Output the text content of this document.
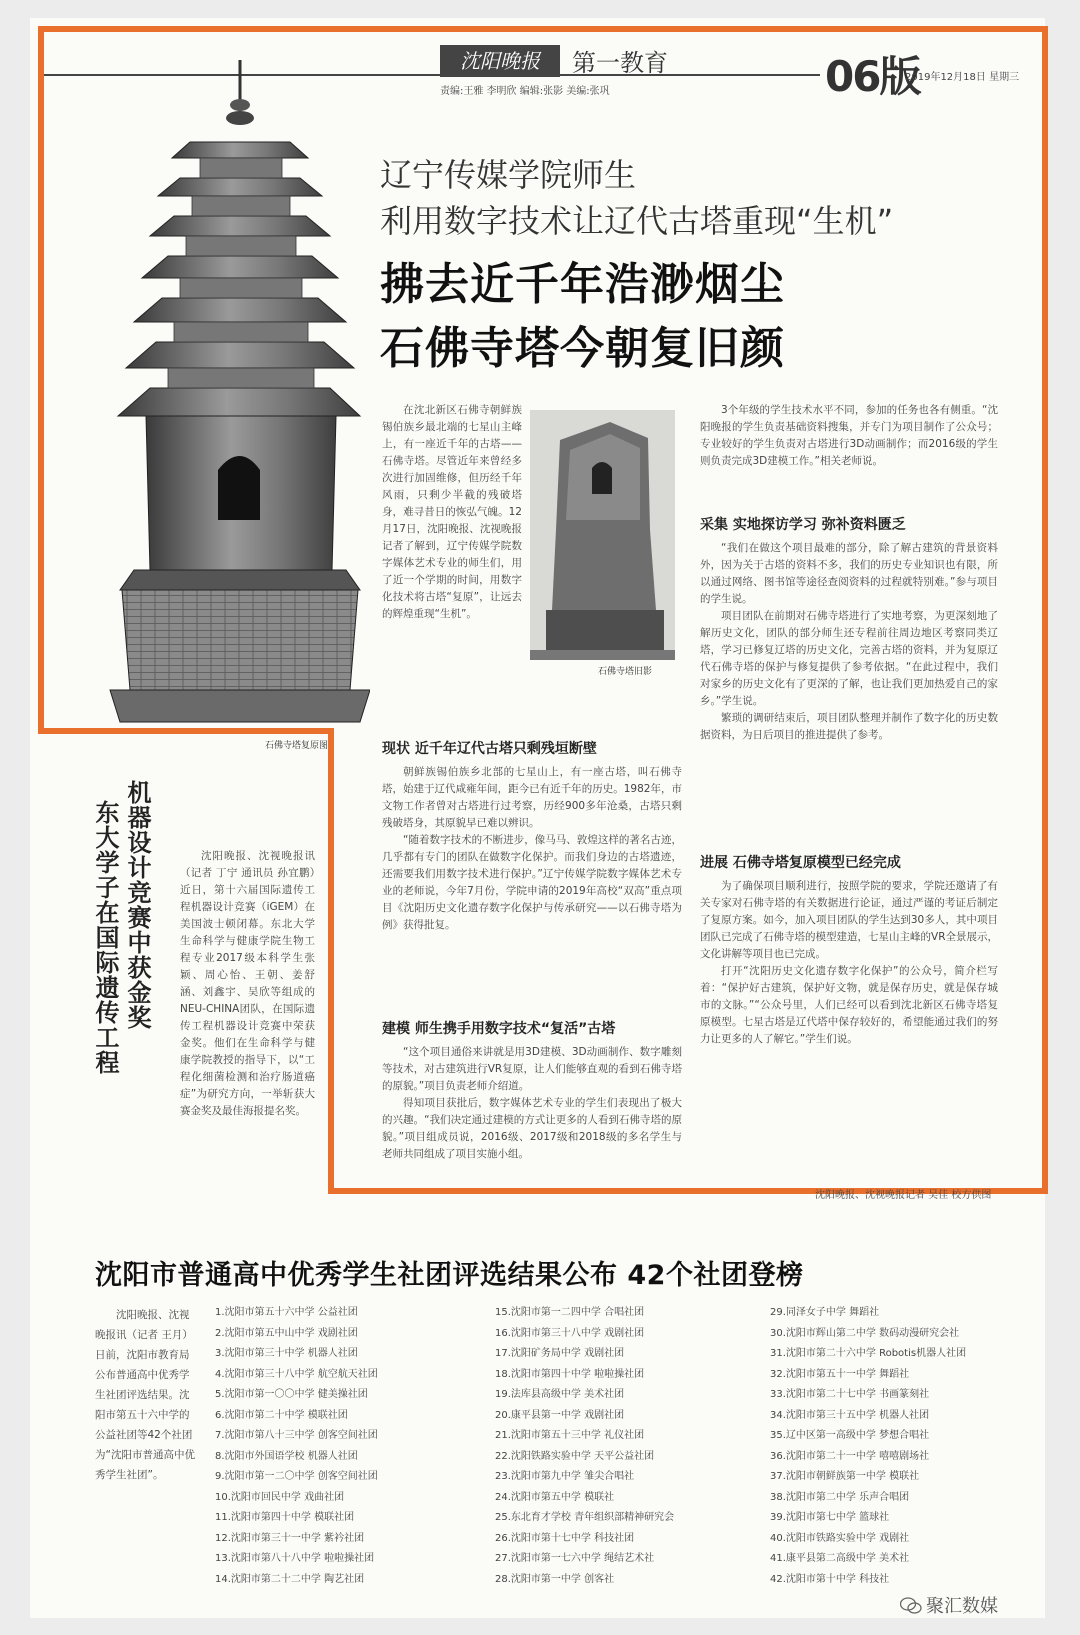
沈阳晚报	第一教育
责编:王雅 李明欣 编辑:张影 美编:张巩	06版
2019年12月18日 星期三
石佛寺塔复原图
辽宁传媒学院师生
利用数字技术让辽代古塔重现“生机”
拂去近千年浩渺烟尘
石佛寺塔今朝复旧颜

在沈北新区石佛寺朝鲜族锡伯族乡最北端的七星山主峰上，有一座近千年的古塔——石佛寺塔。尽管近年来曾经多次进行加固维修，但历经千年风雨，只剩少半截的残破塔身，难寻昔日的恢弘气魄。12月17日，沈阳晚报、沈视晚报记者了解到，辽宁传媒学院数字媒体艺术专业的师生们，用了近一个学期的时间，用数字化技术将古塔“复原”，让远去的辉煌重现“生机”。

石佛寺塔旧影
现状 近千年辽代古塔只剩残垣断壁

朝鲜族锡伯族乡北部的七星山上，有一座古塔，叫石佛寺塔，始建于辽代咸雍年间，距今已有近千年的历史。1982年，市文物工作者曾对古塔进行过考察，历经900多年沧桑，古塔只剩残破塔身，其原貌早已难以辨识。

“随着数字技术的不断进步，像马马、敦煌这样的著名古迹，几乎都有专门的团队在做数字化保护。而我们身边的古塔遗迹，还需要我们用数字技术进行保护。”辽宁传媒学院数字媒体艺术专业的老师说，今年7月份，学院申请的2019年高校“双高”重点项目《沈阳历史文化遗存数字化保护与传承研究——以石佛寺塔为例》获得批复。

建模 师生携手用数字技术“复活”古塔

“这个项目通俗来讲就是用3D建模、3D动画制作、数字雕刻等技术，对古建筑进行VR复原，让人们能够直观的看到石佛寺塔的原貌。”项目负责老师介绍道。

得知项目获批后，数字媒体艺术专业的学生们表现出了极大的兴趣。“我们决定通过建模的方式让更多的人看到石佛寺塔的原貌。”项目组成员说，2016级、2017级和2018级的多名学生与老师共同组成了项目实施小组。

3个年级的学生技术水平不同，参加的任务也各有侧重。“沈阳晚报的学生负责基础资料搜集，并专门为项目制作了公众号；专业较好的学生负责对古塔进行3D动画制作；而2016级的学生则负责完成3D建模工作。”相关老师说。

采集 实地探访学习 弥补资料匮乏

“我们在做这个项目最难的部分，除了解古建筑的背景资料外，因为关于古塔的资料不多，我们的历史专业知识也有限，所以通过网络、图书馆等途径查阅资料的过程就特别难。”参与项目的学生说。

项目团队在前期对石佛寺塔进行了实地考察，为更深刻地了解历史文化，团队的部分师生还专程前往周边地区考察同类辽塔，学习已修复辽塔的历史文化，完善古塔的资料，并为复原辽代石佛寺塔的保护与修复提供了参考依据。“在此过程中，我们对家乡的历史文化有了更深的了解，也让我们更加热爱自己的家乡。”学生说。

繁琐的调研结束后，项目团队整理并制作了数字化的历史数据资料，为日后项目的推进提供了参考。

进展 石佛寺塔复原模型已经完成

为了确保项目顺利进行，按照学院的要求，学院还邀请了有关专家对石佛寺塔的有关数据进行论证，通过严谨的考证后制定了复原方案。如今，加入项目团队的学生达到30多人，其中项目团队已完成了石佛寺塔的模型建造，七星山主峰的VR全景展示，文化讲解等项目也已完成。

打开“沈阳历史文化遗存数字化保护”的公众号，简介栏写着：“保护好古建筑，保护好文物，就是保存历史，就是保存城市的文脉。”“公众号里，人们已经可以看到沈北新区石佛寺塔复原模型。七星古塔是辽代塔中保存较好的，希望能通过我们的努力让更多的人了解它。”学生们说。

沈阳晚报、沈视晚报记者 吴佳 校方供图
机器设计竞赛中获金奖
东大学子在国际遗传工程	沈阳晚报、沈视晚报讯（记者 丁宁 通讯员 孙宜鹏）近日，第十六届国际遗传工程机器设计竞赛（iGEM）在美国波士顿闭幕。东北大学生命科学与健康学院生物工程专业2017级本科学生张颖、周心怡、王朝、姜舒涵、刘鑫宇、吴欣等组成的NEU-CHINA团队，在国际遗传工程机器设计竞赛中荣获金奖。他们在生命科学与健康学院教授的指导下，以“工程化细菌检测和治疗肠道癌症”为研究方向，一举斩获大赛金奖及最佳海报提名奖。

沈阳市普通高中优秀学生社团评选结果公布 42个社团登榜

沈阳晚报、沈视晚报讯（记者 王月）日前，沈阳市教育局公布普通高中优秀学生社团评选结果。沈阳市第五十六中学的公益社团等42个社团为“沈阳市普通高中优秀学生社团”。

1.沈阳市第五十六中学 公益社团
2.沈阳市第五中山中学 戏剧社团
3.沈阳市第三十中学 机器人社团
4.沈阳市第三十八中学 航空航天社团
5.沈阳市第一〇〇中学 健美操社团
6.沈阳市第二十中学 模联社团
7.沈阳市第八十三中学 创客空间社团
8.沈阳市外国语学校 机器人社团
9.沈阳市第一二〇中学 创客空间社团
10.沈阳市回民中学 戏曲社团
11.沈阳市第四十中学 模联社团
12.沈阳市第三十一中学 紫衿社团
13.沈阳市第八十八中学 啦啦操社团
14.沈阳市第二十二中学 陶艺社团
15.沈阳市第一二四中学 合唱社团
16.沈阳市第三十八中学 戏剧社团
17.沈阳矿务局中学 戏剧社团
18.沈阳市第四十中学 啦啦操社团
19.法库县高级中学 美术社团
20.康平县第一中学 戏剧社团
21.沈阳市第五十三中学 礼仪社团
22.沈阳铁路实验中学 天平公益社团
23.沈阳市第九中学 雏尖合唱社
24.沈阳市第五中学 模联社
25.东北育才学校 青年组织部精神研究会
26.沈阳市第十七中学 科技社团
27.沈阳市第一七六中学 绳结艺术社
28.沈阳市第一中学 创客社
29.同泽女子中学 舞蹈社
30.沈阳市辉山第二中学 数码动漫研究会社
31.沈阳市第二十六中学 Robotis机器人社团
32.沈阳市第五十一中学 舞蹈社
33.沈阳市第二十七中学 书画篆刻社
34.沈阳市第三十五中学 机器人社团
35.辽中区第一高级中学 梦想合唱社
36.沈阳市第二十一中学 嘻嘻剧场社
37.沈阳市朝鲜族第一中学 模联社
38.沈阳市第二中学 乐声合唱团
39.沈阳市第七中学 篮球社
40.沈阳市铁路实验中学 戏剧社
41.康平县第二高级中学 美术社
42.沈阳市第十中学 科技社
聚汇数媒
